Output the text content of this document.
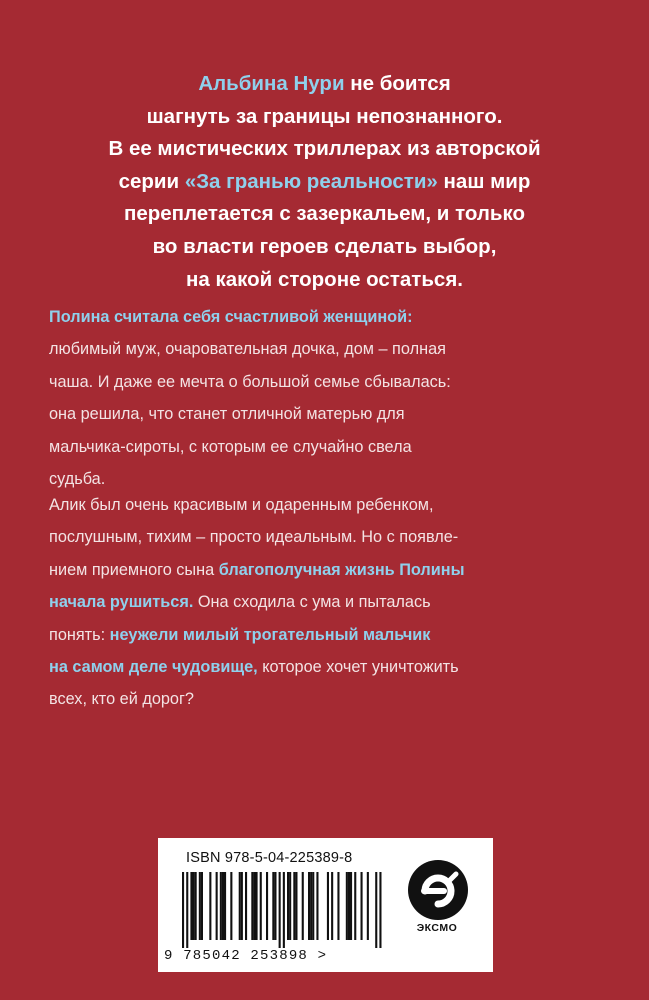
Альбина Нури не боится
шагнуть за границы непознанного.
В ее мистических триллерах из авторской
серии «За гранью реальности» наш мир
переплетается с зазеркальем, и только
во власти героев сделать выбор,
на какой стороне остаться.
Полина считала себя счастливой женщиной:
любимый муж, очаровательная дочка, дом – полная
чаша. И даже ее мечта о большой семье сбывалась:
она решила, что станет отличной матерью для
мальчика-сироты, с которым ее случайно свела
судьба.
Алик был очень красивым и одаренным ребенком,
послушным, тихим – просто идеальным. Но с появле-
нием приемного сына благополучная жизнь Полины
начала рушиться. Она сходила с ума и пыталась
понять: неужели милый трогательный мальчик
на самом деле чудовище, которое хочет уничтожить
всех, кто ей дорог?
ISBN 978-5-04-225389-8
9 785042 253898 >
ЭКСМО
